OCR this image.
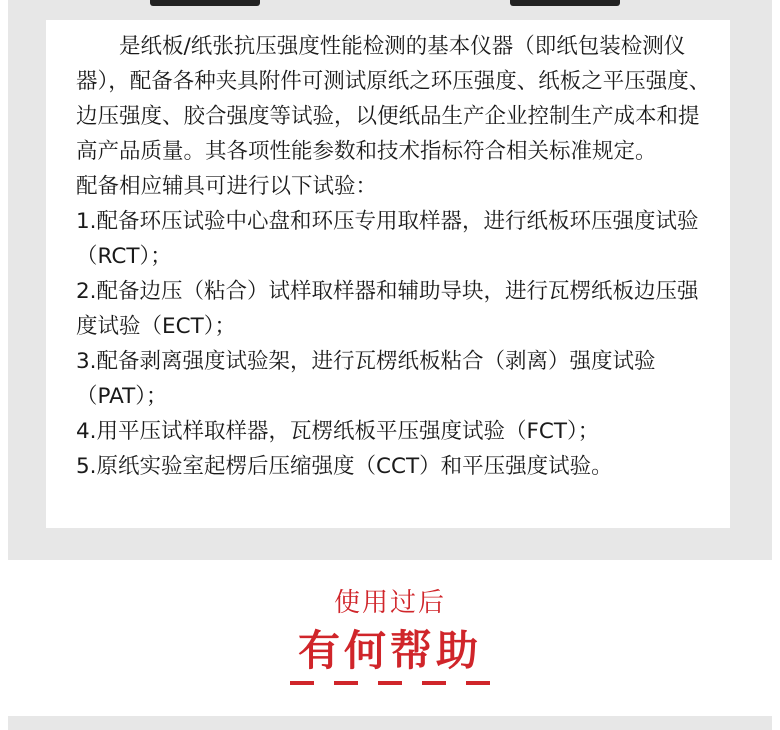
是纸板/纸张抗压强度性能检测的基本仪器（即纸包装检测仪器），配备各种夹具附件可测试原纸之环压强度、纸板之平压强度、边压强度、胶合强度等试验，以便纸品生产企业控制生产成本和提高产品质量。其各项性能参数和技术指标符合相关标准规定。

配备相应辅具可进行以下试验：

1.配备环压试验中心盘和环压专用取样器，进行纸板环压强度试验（RCT）；

2.配备边压（粘合）试样取样器和辅助导块，进行瓦楞纸板边压强度试验（ECT）；

3.配备剥离强度试验架，进行瓦楞纸板粘合（剥离）强度试验（PAT）；

4.用平压试样取样器，瓦楞纸板平压强度试验（FCT）；

5.原纸实验室起楞后压缩强度（CCT）和平压强度试验。

使用过后
有何帮助
